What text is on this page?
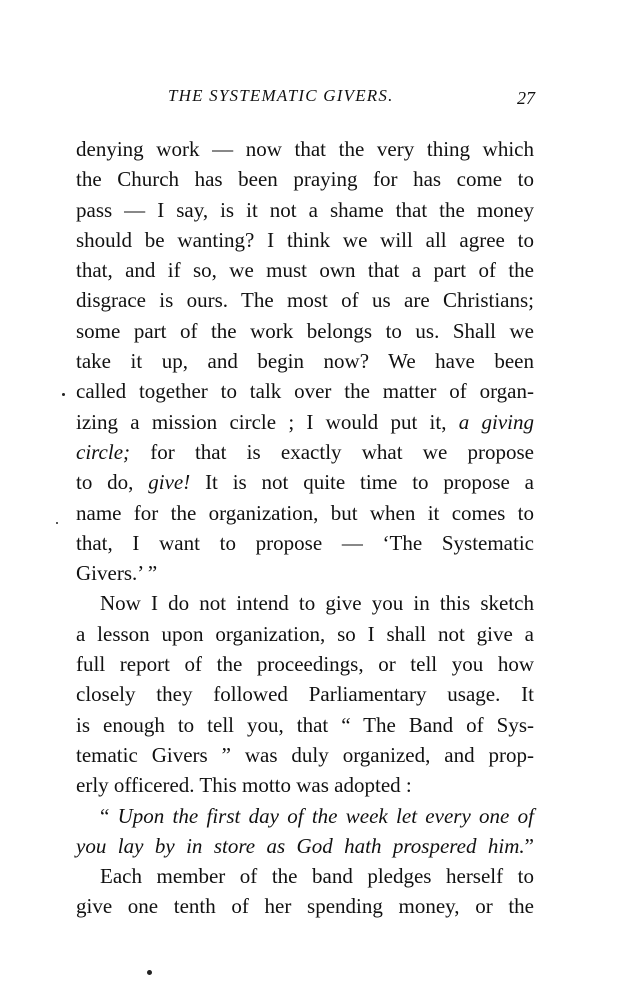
THE SYSTEMATIC GIVERS.	27
denying work — now that the very thing which
the Church has been praying for has come to
pass — I say, is it not a shame that the money
should be wanting? I think we will all agree to
that, and if so, we must own that a part of the
disgrace is ours. The most of us are Christians;
some part of the work belongs to us. Shall we
take it up, and begin now? We have been
called together to talk over the matter of organ-
izing a mission circle ; I would put it, a giving
circle; for that is exactly what we propose
to do, give! It is not quite time to propose a
name for the organization, but when it comes to
that, I want to propose — ‘The Systematic
Givers.’ ”
Now I do not intend to give you in this sketch
a lesson upon organization, so I shall not give a
full report of the proceedings, or tell you how
closely they followed Parliamentary usage. It
is enough to tell you, that “ The Band of Sys-
tematic Givers ” was duly organized, and prop-
erly officered. This motto was adopted :
“ Upon the first day of the week let every one of
you lay by in store as God hath prospered him.”
Each member of the band pledges herself to
give one tenth of her spending money, or the
